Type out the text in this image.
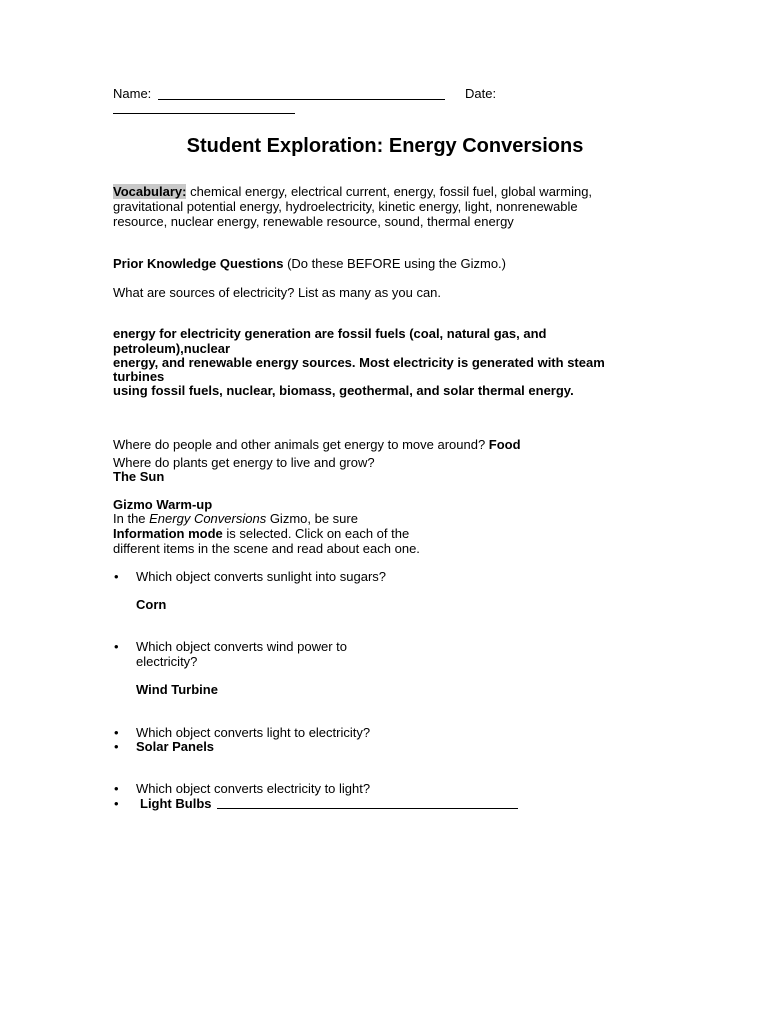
Name:	Date:
Student Exploration: Energy Conversions
Vocabulary: chemical energy, electrical current, energy, fossil fuel, global warming,
gravitational potential energy, hydroelectricity, kinetic energy, light, nonrenewable
resource, nuclear energy, renewable resource, sound, thermal energy
Prior Knowledge Questions (Do these BEFORE using the Gizmo.)
What are sources of electricity? List as many as you can.
energy for electricity generation are fossil fuels (coal, natural gas, and
petroleum),nuclear
energy, and renewable energy sources. Most electricity is generated with steam
turbines
using fossil fuels, nuclear, biomass, geothermal, and solar thermal energy.
Where do people and other animals get energy to move around? Food
Where do plants get energy to live and grow?
The Sun
Gizmo Warm-up
In the Energy Conversions Gizmo, be sure
Information mode is selected. Click on each of the
different items in the scene and read about each one.
• Which object converts sunlight into sugars?
Corn
• Which object converts wind power to
electricity?
Wind Turbine
• Which object converts light to electricity?
• Solar Panels
• Which object converts electricity to light?
• Light Bulbs
